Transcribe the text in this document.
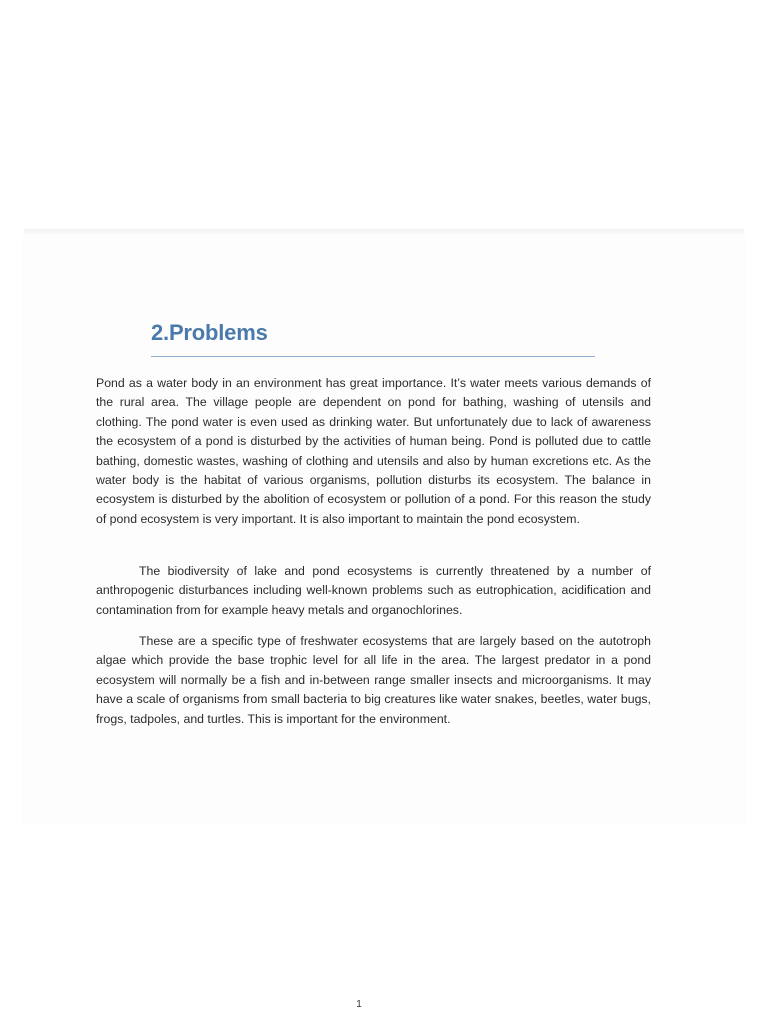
2.Problems

Pond as a water body in an environment has great importance. It’s water meets various demands of the rural area. The village people are dependent on pond for bathing, washing of utensils and clothing. The pond water is even used as drinking water. But unfortunately due to lack of awareness the ecosystem of a pond is disturbed by the activities of human being. Pond is polluted due to cattle bathing, domestic wastes, washing of clothing and utensils and also by human excretions etc. As the water body is the habitat of various organisms, pollution disturbs its ecosystem. The balance in ecosystem is disturbed by the abolition of ecosystem or pollution of a pond. For this reason the study of pond ecosystem is very important. It is also important to maintain the pond ecosystem.

The biodiversity of lake and pond ecosystems is currently threatened by a number of anthropogenic disturbances including well-known problems such as eutrophication, acidification and contamination from for example heavy metals and organochlorines.

These are a specific type of freshwater ecosystems that are largely based on the autotroph algae which provide the base trophic level for all life in the area. The largest predator in a pond ecosystem will normally be a fish and in-between range smaller insects and microorganisms. It may have a scale of organisms from small bacteria to big creatures like water snakes, beetles, water bugs, frogs, tadpoles, and turtles. This is important for the environment.

1
